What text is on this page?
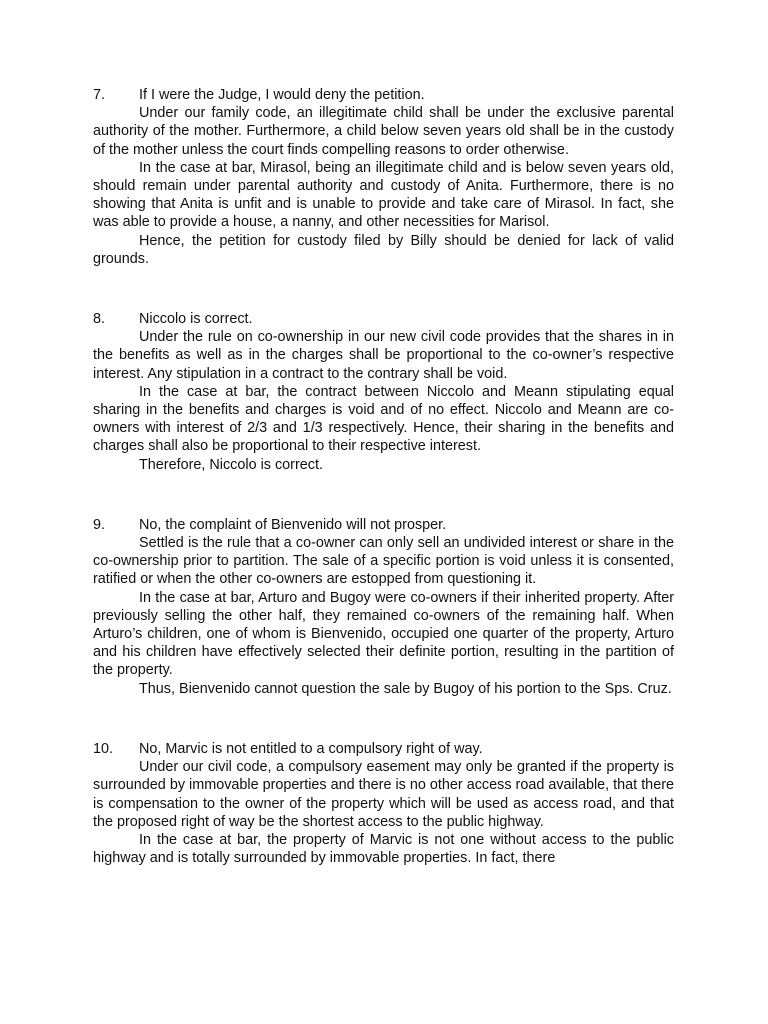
7. If I were the Judge, I would deny the petition.

Under our family code, an illegitimate child shall be under the exclusive parental authority of the mother. Furthermore, a child below seven years old shall be in the custody of the mother unless the court finds compelling reasons to order otherwise.

In the case at bar, Mirasol, being an illegitimate child and is below seven years old, should remain under parental authority and custody of Anita. Furthermore, there is no showing that Anita is unfit and is unable to provide and take care of Mirasol. In fact, she was able to provide a house, a nanny, and other necessities for Marisol.

Hence, the petition for custody filed by Billy should be denied for lack of valid grounds.

8. Niccolo is correct.

Under the rule on co-ownership in our new civil code provides that the shares in in the benefits as well as in the charges shall be proportional to the co-owner’s respective interest. Any stipulation in a contract to the contrary shall be void.

In the case at bar, the contract between Niccolo and Meann stipulating equal sharing in the benefits and charges is void and of no effect. Niccolo and Meann are co-owners with interest of 2/3 and 1/3 respectively. Hence, their sharing in the benefits and charges shall also be proportional to their respective interest.

Therefore, Niccolo is correct.

9. No, the complaint of Bienvenido will not prosper.

Settled is the rule that a co-owner can only sell an undivided interest or share in the co-ownership prior to partition. The sale of a specific portion is void unless it is consented, ratified or when the other co-owners are estopped from questioning it.

In the case at bar, Arturo and Bugoy were co-owners if their inherited property. After previously selling the other half, they remained co-owners of the remaining half. When Arturo’s children, one of whom is Bienvenido, occupied one quarter of the property, Arturo and his children have effectively selected their definite portion, resulting in the partition of the property.

Thus, Bienvenido cannot question the sale by Bugoy of his portion to the Sps. Cruz.

10. No, Marvic is not entitled to a compulsory right of way.

Under our civil code, a compulsory easement may only be granted if the property is surrounded by immovable properties and there is no other access road available, that there is compensation to the owner of the property which will be used as access road, and that the proposed right of way be the shortest access to the public highway.

In the case at bar, the property of Marvic is not one without access to the public highway and is totally surrounded by immovable properties. In fact, there
